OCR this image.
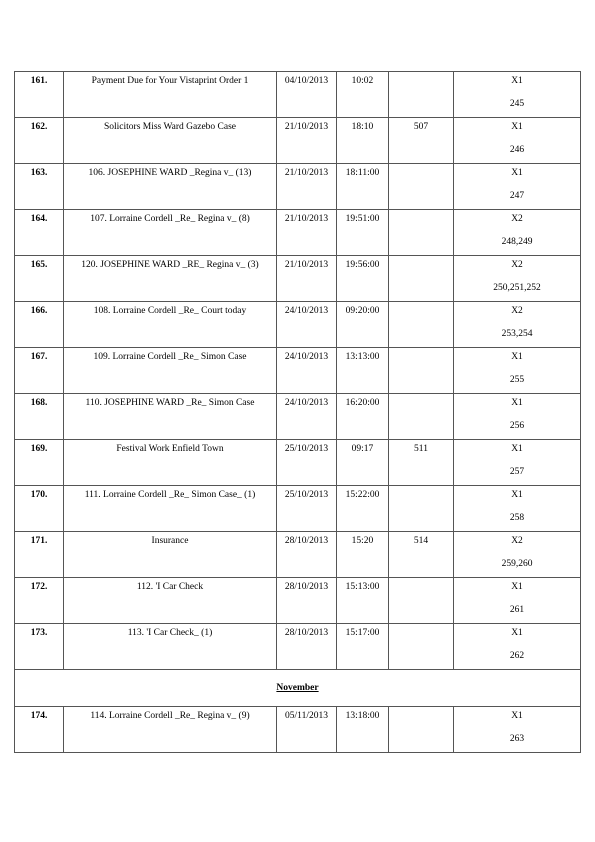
161.	Payment Due for Your Vistaprint Order 1	04/10/2013	10:02		X1
245

162.	Solicitors Miss Ward Gazebo Case	21/10/2013	18:10	507	X1
246

163.	106. JOSEPHINE WARD _Regina v_ (13)	21/10/2013	18:11:00		X1
247

164.	107. Lorraine Cordell _Re_ Regina v_ (8)	21/10/2013	19:51:00		X2
248,249

165.	120. JOSEPHINE WARD _RE_ Regina v_ (3)	21/10/2013	19:56:00		X2
250,251,252

166.	108. Lorraine Cordell _Re_ Court today	24/10/2013	09:20:00		X2
253,254

167.	109. Lorraine Cordell _Re_ Simon Case	24/10/2013	13:13:00		X1
255

168.	110. JOSEPHINE WARD _Re_ Simon Case	24/10/2013	16:20:00		X1
256

169.	Festival Work Enfield Town	25/10/2013	09:17	511	X1
257

170.	111. Lorraine Cordell _Re_ Simon Case_ (1)	25/10/2013	15:22:00		X1
258

171.	Insurance	28/10/2013	15:20	514	X2
259,260

172.	112. 'I Car Check	28/10/2013	15:13:00		X1
261

173.	113. 'I Car Check_ (1)	28/10/2013	15:17:00		X1
262

November					

174.	114. Lorraine Cordell _Re_ Regina v_ (9)	05/11/2013	13:18:00		X1
263
